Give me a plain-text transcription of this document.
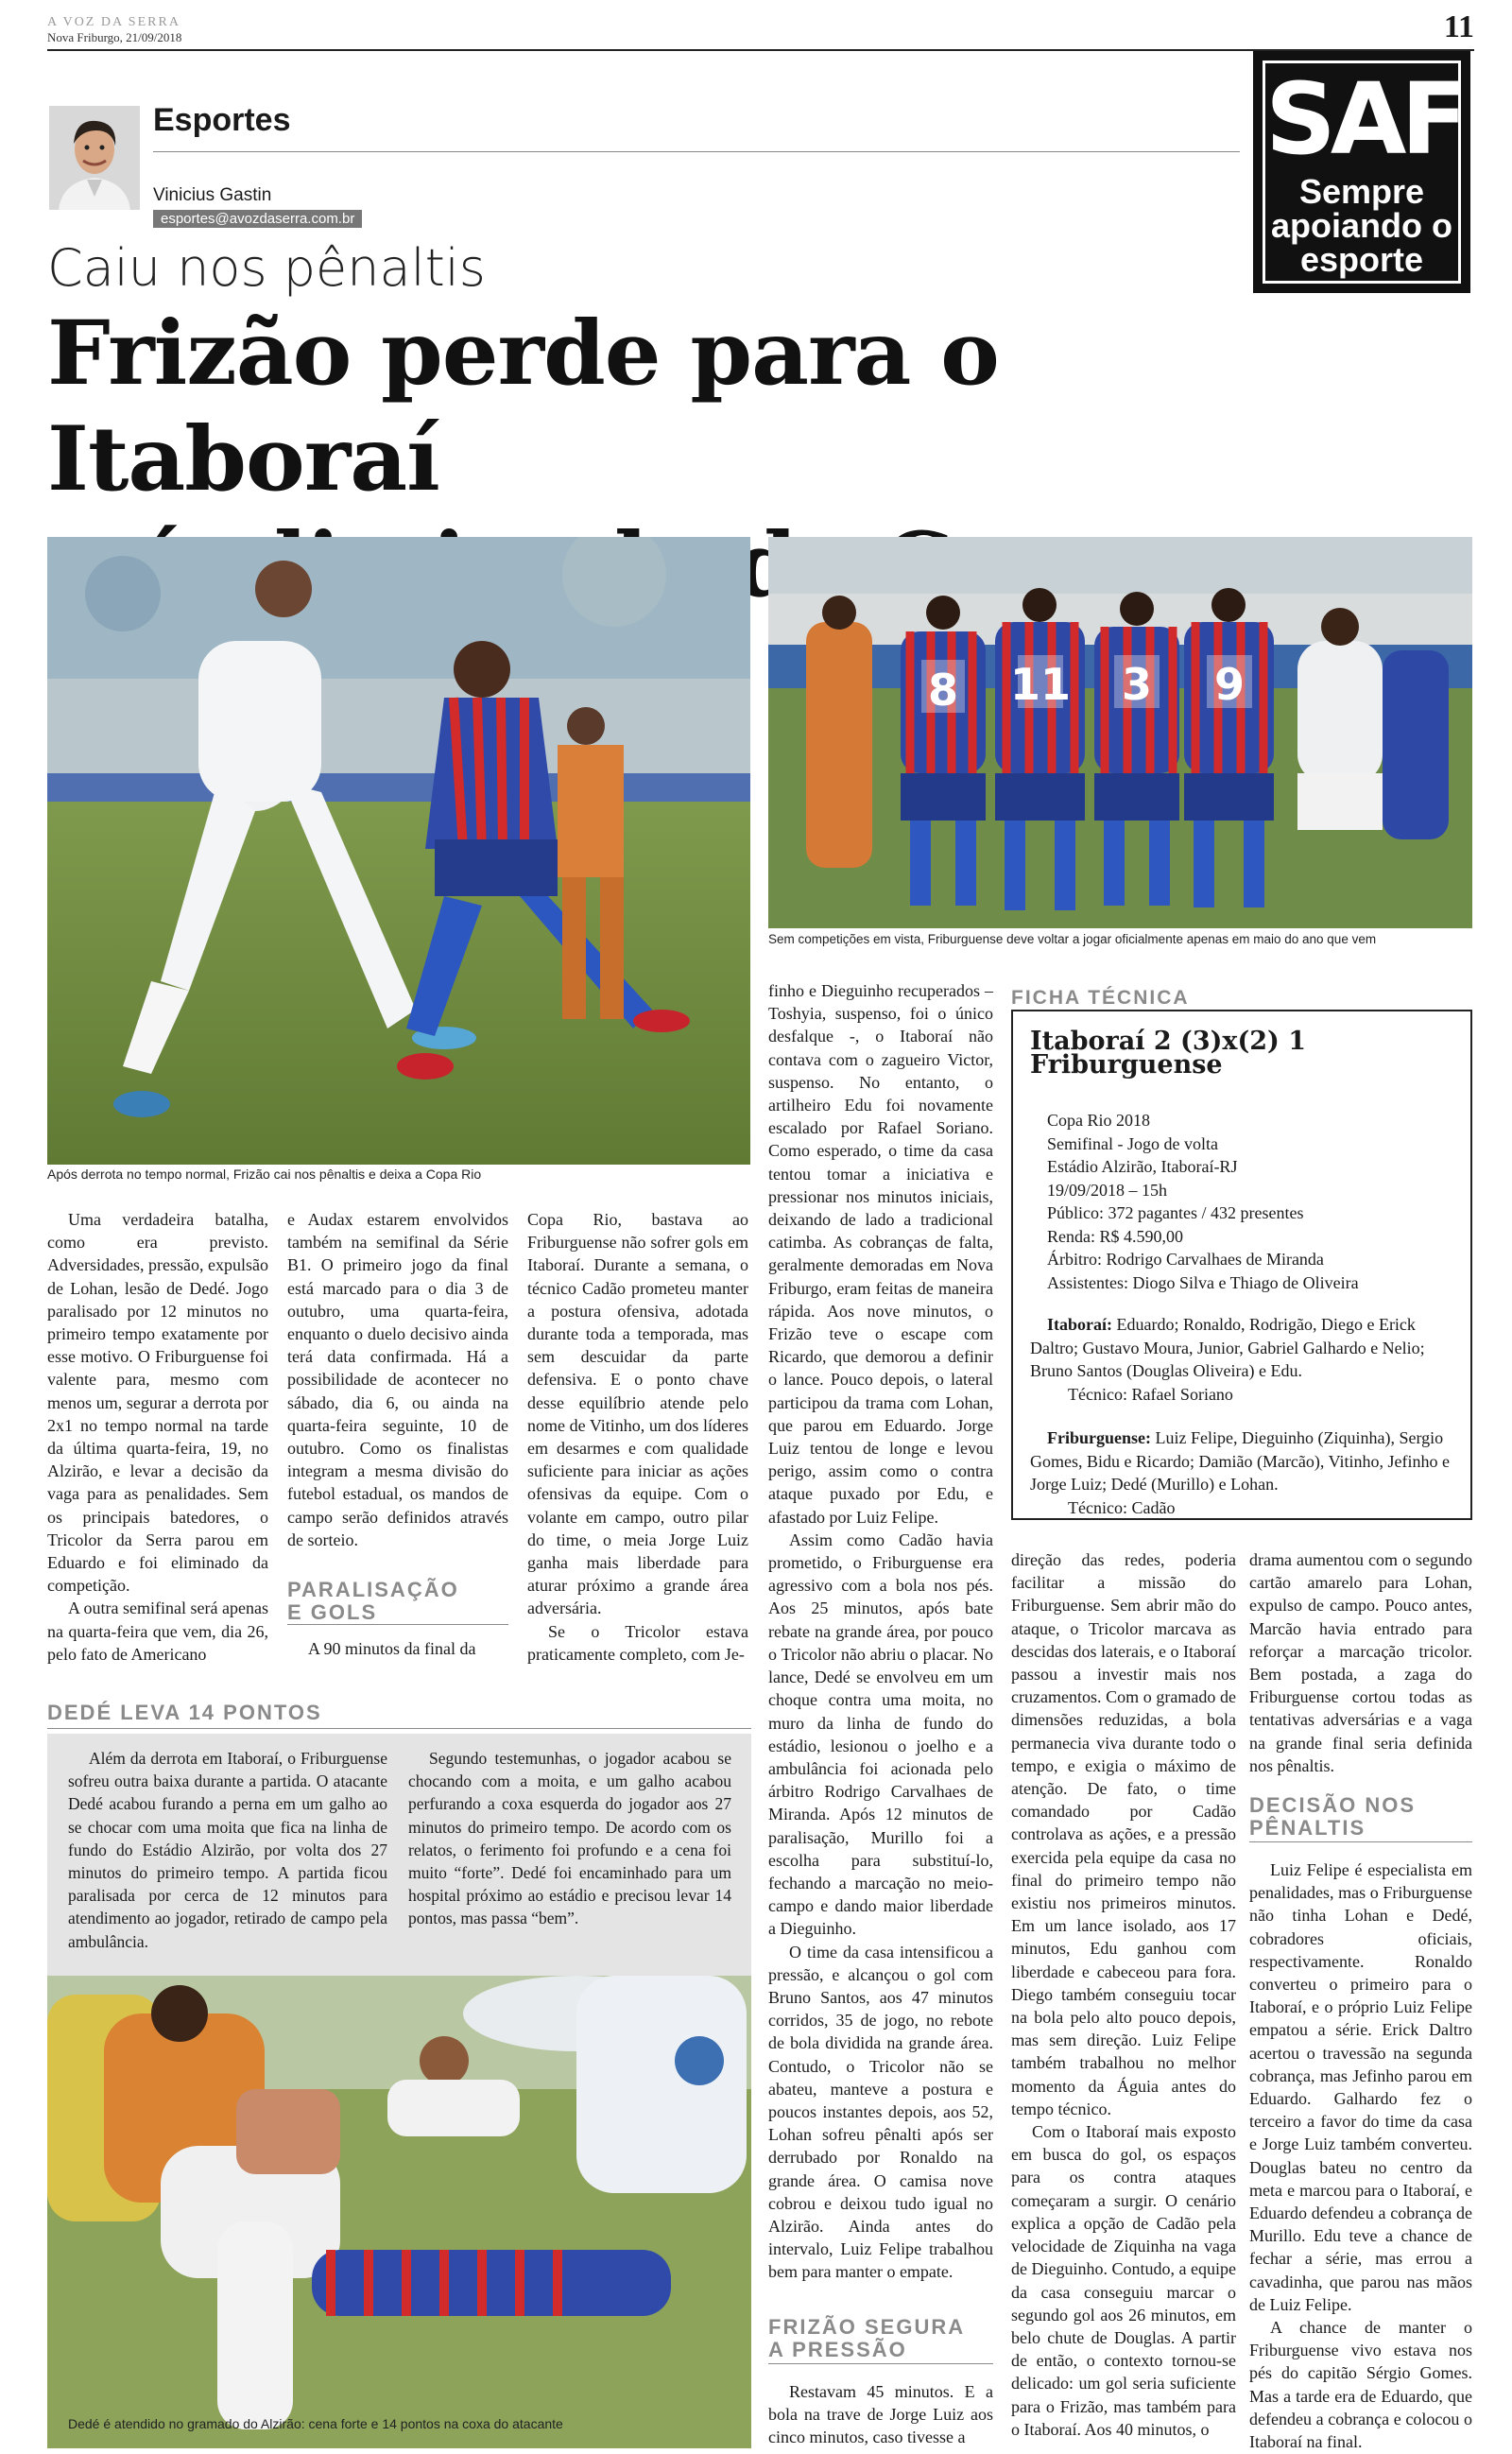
A VOZ DA SERRA
Nova Friburgo, 21/09/2018	11
SAF
Sempre
apoiando o
esporte
Esportes
Vinicius Gastin
esportes@avozdaserra.com.br
Caiu nos pênaltis
Frizão perde para o Itaboraí
Após derrota no tempo normal, Frizão cai nos pênaltis e deixa a Copa Rio
8 11 3 9
Sem competições em vista, Friburguense deve voltar a jogar oficialmente apenas em maio do ano que vem

Uma verdadeira batalha, como era previsto. Adversidades, pressão, expulsão de Lohan, lesão de Dedé. Jogo paralisado por 12 minutos no primeiro tempo exatamente por esse motivo. O Friburguense foi valente para, mesmo com menos um, segurar a derrota por 2x1 no tempo normal na tarde da última quarta-feira, 19, no Alzirão, e levar a decisão da vaga para as penalidades. Sem os principais batedores, o Tricolor da Serra parou em Eduardo e foi eliminado da competição.

A outra semifinal será apenas na quarta-feira que vem, dia 26, pelo fato de Americano

e Audax estarem envolvidos também na semifinal da Série B1. O primeiro jogo da final está marcado para o dia 3 de outubro, uma quarta-feira, enquanto o duelo decisivo ainda terá data confirmada. Há a possibilidade de acontecer no sábado, dia 6, ou ainda na quarta-feira seguinte, 10 de outubro. Como os finalistas integram a mesma divisão do futebol estadual, os mandos de campo serão definidos através de sorteio.

PARALISAÇÃO
E GOLS

A 90 minutos da final da

Copa Rio, bastava ao Friburguense não sofrer gols em Itaboraí. Durante a semana, o técnico Cadão prometeu manter a postura ofensiva, adotada durante toda a temporada, mas sem descuidar da parte defensiva. E o ponto chave desse equilíbrio atende pelo nome de Vitinho, um dos líderes em desarmes e com qualidade suficiente para iniciar as ações ofensivas da equipe. Com o volante em campo, outro pilar do time, o meia Jorge Luiz ganha mais liberdade para aturar próximo a grande área adversária.

Se o Tricolor estava praticamente completo, com Je-

finho e Dieguinho recuperados – Toshyia, suspenso, foi o único desfalque -, o Itaboraí não contava com o zagueiro Victor, suspenso. No entanto, o artilheiro Edu foi novamente escalado por Rafael Soriano. Como esperado, o time da casa tentou tomar a iniciativa e pressionar nos minutos iniciais, deixando de lado a tradicional catimba. As cobranças de falta, geralmente demoradas em Nova Friburgo, eram feitas de maneira rápida. Aos nove minutos, o Frizão teve o escape com Ricardo, que demorou a definir o lance. Pouco depois, o lateral participou da trama com Lohan, que parou em Eduardo. Jorge Luiz tentou de longe e levou perigo, assim como o contra ataque puxado por Edu, e afastado por Luiz Felipe.

Assim como Cadão havia prometido, o Friburguense era agressivo com a bola nos pés. Aos 25 minutos, após bate rebate na grande área, por pouco o Tricolor não abriu o placar. No lance, Dedé se envolveu em um choque contra uma moita, no muro da linha de fundo do estádio, lesionou o joelho e a ambulância foi acionada pelo árbitro Rodrigo Carvalhaes de Miranda. Após 12 minutos de paralisação, Murillo foi a escolha para substituí-lo, fechando a marcação no meio-campo e dando maior liberdade a Dieguinho.

O time da casa intensificou a pressão, e alcançou o gol com Bruno Santos, aos 47 minutos corridos, 35 de jogo, no rebote de bola dividida na grande área. Contudo, o Tricolor não se abateu, manteve a postura e poucos instantes depois, aos 52, Lohan sofreu pênalti após ser derrubado por Ronaldo na grande área. O camisa nove cobrou e deixou tudo igual no Alzirão. Ainda antes do intervalo, Luiz Felipe trabalhou bem para manter o empate.

FRIZÃO SEGURA
A PRESSÃO

Restavam 45 minutos. E a bola na trave de Jorge Luiz aos cinco minutos, caso tivesse a

FICHA TÉCNICA
Itaboraí 2 (3)x(2) 1 Friburguense
Copa Rio 2018
Semifinal - Jogo de volta
Estádio Alzirão, Itaboraí-RJ
19/09/2018 – 15h
Público: 372 pagantes / 432 presentes
Renda: R$ 4.590,00
Árbitro: Rodrigo Carvalhaes de Miranda
Assistentes: Diogo Silva e Thiago de Oliveira
Itaboraí: Eduardo; Ronaldo, Rodrigão, Diego e Erick Daltro; Gustavo Moura, Junior, Gabriel Galhardo e Nelio; Bruno Santos (Douglas Oliveira) e Edu.
Técnico: Rafael Soriano
Friburguense: Luiz Felipe, Dieguinho (Ziquinha), Sergio Gomes, Bidu e Ricardo; Damião (Marcão), Vitinho, Jefinho e Jorge Luiz; Dedé (Murillo) e Lohan.
Técnico: Cadão

direção das redes, poderia facilitar a missão do Friburguense. Sem abrir mão do ataque, o Tricolor marcava as descidas dos laterais, e o Itaboraí passou a investir mais nos cruzamentos. Com o gramado de dimensões reduzidas, a bola permanecia viva durante todo o tempo, e exigia o máximo de atenção. De fato, o time comandado por Cadão controlava as ações, e a pressão exercida pela equipe da casa no final do primeiro tempo não existiu nos primeiros minutos. Em um lance isolado, aos 17 minutos, Edu ganhou com liberdade e cabeceou para fora. Diego também conseguiu tocar na bola pelo alto pouco depois, mas sem direção. Luiz Felipe também trabalhou no melhor momento da Águia antes do tempo técnico.

Com o Itaboraí mais exposto em busca do gol, os espaços para os contra ataques começaram a surgir. O cenário explica a opção de Cadão pela velocidade de Ziquinha na vaga de Dieguinho. Contudo, a equipe da casa conseguiu marcar o segundo gol aos 26 minutos, em belo chute de Douglas. A partir de então, o contexto tornou-se delicado: um gol seria suficiente para o Frizão, mas também para o Itaboraí. Aos 40 minutos, o

drama aumentou com o segundo cartão amarelo para Lohan, expulso de campo. Pouco antes, Marcão havia entrado para reforçar a marcação tricolor. Bem postada, a zaga do Friburguense cortou todas as tentativas adversárias e a vaga na grande final seria definida nos pênaltis.

DECISÃO NOS
PÊNALTIS

Luiz Felipe é especialista em penalidades, mas o Friburguense não tinha Lohan e Dedé, cobradores oficiais, respectivamente. Ronaldo converteu o primeiro para o Itaboraí, e o próprio Luiz Felipe empatou a série. Erick Daltro acertou o travessão na segunda cobrança, mas Jefinho parou em Eduardo. Galhardo fez o terceiro a favor do time da casa e Jorge Luiz também converteu. Douglas bateu no centro da meta e marcou para o Itaboraí, e Eduardo defendeu a cobrança de Murillo. Edu teve a chance de fechar a série, mas errou a cavadinha, que parou nas mãos de Luiz Felipe.

A chance de manter o Friburguense vivo estava nos pés do capitão Sérgio Gomes. Mas a tarde era de Eduardo, que defendeu a cobrança e colocou o Itaboraí na final.

DEDÉ LEVA 14 PONTOS

Além da derrota em Itaboraí, o Friburguense sofreu outra baixa durante a partida. O atacante Dedé acabou furando a perna em um galho ao se chocar com uma moita que fica na linha de fundo do Estádio Alzirão, por volta dos 27 minutos do primeiro tempo. A partida ficou paralisada por cerca de 12 minutos para atendimento ao jogador, retirado de campo pela ambulância.

Segundo testemunhas, o jogador acabou se chocando com a moita, e um galho acabou perfurando a coxa esquerda do jogador aos 27 minutos do primeiro tempo. De acordo com os relatos, o ferimento foi profundo e a cena foi muito “forte”. Dedé foi encaminhado para um hospital próximo ao estádio e precisou levar 14 pontos, mas passa “bem”.

Dedé é atendido no gramado do Alzirão: cena forte e 14 pontos na coxa do atacante
